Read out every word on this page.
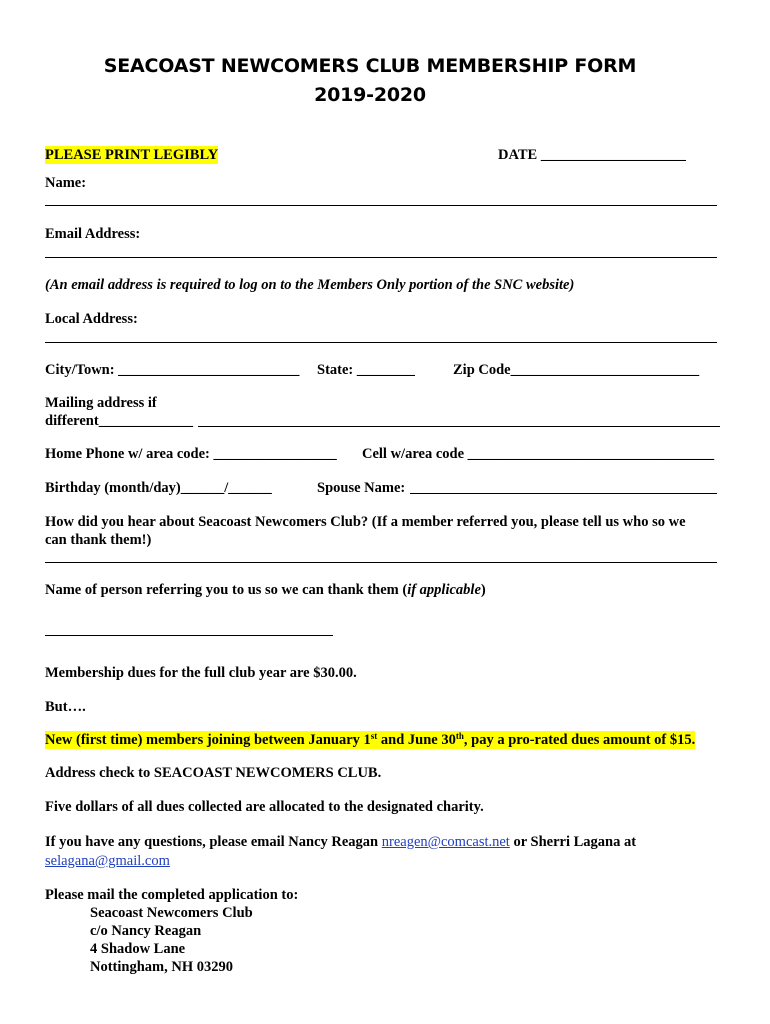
SEACOAST NEWCOMERS CLUB MEMBERSHIP FORM
2019-2020
PLEASE PRINT LEGIBLY	DATE ____________________
Name:
Email Address:
(An email address is required to log on to the Members Only portion of the SNC website)
Local Address:
City/Town: _________________________ State: ________	Zip Code__________________________
Mailing address if
different_____________
Home Phone w/ area code: _________________ Cell w/area code __________________________________
Birthday (month/day)______/______	Spouse Name:
How did you hear about Seacoast Newcomers Club? (If a member referred you, please tell us who so we
can thank them!)
Name of person referring you to us so we can thank them (if applicable)
Membership dues for the full club year are $30.00.
But….
New (first time) members joining between January 1st and June 30th, pay a pro-rated dues amount of $15.
Address check to SEACOAST NEWCOMERS CLUB.
Five dollars of all dues collected are allocated to the designated charity.
If you have any questions, please email Nancy Reagan nreagen@comcast.net or Sherri Lagana at
selagana@gmail.com
Please mail the completed application to:
Seacoast Newcomers Club
c/o Nancy Reagan
4 Shadow Lane
Nottingham, NH 03290
